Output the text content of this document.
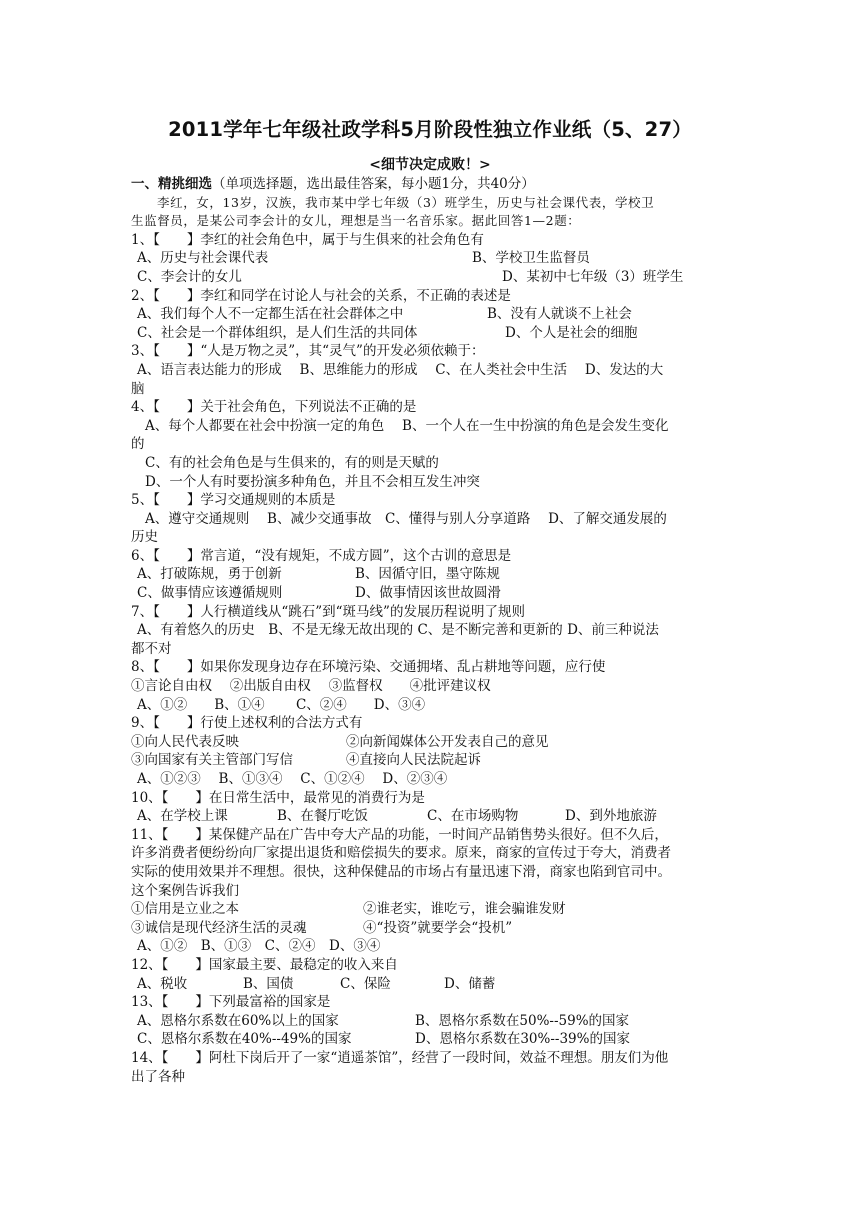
2011学年七年级社政学科5月阶段性独立作业纸（5、27）
<细节决定成败！>
一、精挑细选（单项选择题，选出最佳答案，每小题1分，共40分）
李红，女，13岁，汉族，我市某中学七年级（3）班学生，历史与社会课代表，学校卫
生监督员，是某公司李会计的女儿，理想是当一名音乐家。据此回答1—2题：
1、【　　】李红的社会角色中，属于与生俱来的社会角色有
A、历史与社会课代表	B、学校卫生监督员
C、李会计的女儿	D、某初中七年级（3）班学生
2、【　　】李红和同学在讨论人与社会的关系，不正确的表述是
A、我们每个人不一定都生活在社会群体之中	B、没有人就谈不上社会
C、社会是一个群体组织，是人们生活的共同体	D、个人是社会的细胞
3、【　　】“人是万物之灵”，其“灵气”的开发必须依赖于：
A、语言表达能力的形成　 B、思维能力的形成　 C、在人类社会中生活　 D、发达的大
脑
4、【　　】关于社会角色，下列说法不正确的是
A、每个人都要在社会中扮演一定的角色　 B、一个人在一生中扮演的角色是会发生变化
的
C、有的社会角色是与生俱来的，有的则是天赋的
D、一个人有时要扮演多种角色，并且不会相互发生冲突
5、【　　】学习交通规则的本质是
A、遵守交通规则　 B、减少交通事故　C、懂得与别人分享道路　 D、了解交通发展的
历史
6、【　　】常言道，“没有规矩，不成方圆”，这个古训的意思是
A、打破陈规，勇于创新	B、因循守旧，墨守陈规
C、做事情应该遵循规则	D、做事情因该世故圆滑
7、【　　】人行横道线从“跳石”到“斑马线”的发展历程说明了规则
A、有着悠久的历史　B、不是无缘无故出现的 C、是不断完善和更新的 D、前三种说法
都不对
8、【　　】如果你发现身边存在环境污染、交通拥堵、乱占耕地等问题，应行使
①言论自由权　 ②出版自由权　 ③监督权　　④批评建议权
A、①②　　B、①④　　 C、②④　　D、③④
9、【　　】行使上述权利的合法方式有
①向人民代表反映	②向新闻媒体公开发表自己的意见
③向国家有关主管部门写信	④直接向人民法院起诉
A、①②③　 B、①③④　 C、①②④　 D、②③④
10、【　　】在日常生活中，最常见的消费行为是
A、在学校上课	B、在餐厅吃饭	C、在市场购物	D、到外地旅游
11、【　　】某保健产品在广告中夸大产品的功能，一时间产品销售势头很好。但不久后，
许多消费者便纷纷向厂家提出退货和赔偿损失的要求。原来，商家的宣传过于夸大，消费者
实际的使用效果并不理想。很快，这种保健品的市场占有量迅速下滑，商家也陷到官司中。
这个案例告诉我们
①信用是立业之本	②谁老实，谁吃亏，谁会骗谁发财
③诚信是现代经济生活的灵魂	④“投资”就要学会“投机”
A、①②　B、①③　C、②④　D、③④
12、【　　】国家最主要、最稳定的收入来自
A、税收	B、国债	C、保险	D、储蓄
13、【　　】下列最富裕的国家是
A、恩格尔系数在60%以上的国家	B、恩格尔系数在50%--59%的国家
C、恩格尔系数在40%--49%的国家	D、恩格尔系数在30%--39%的国家
14、【　　】阿杜下岗后开了一家“逍遥茶馆”，经营了一段时间，效益不理想。朋友们为他
出了各种
